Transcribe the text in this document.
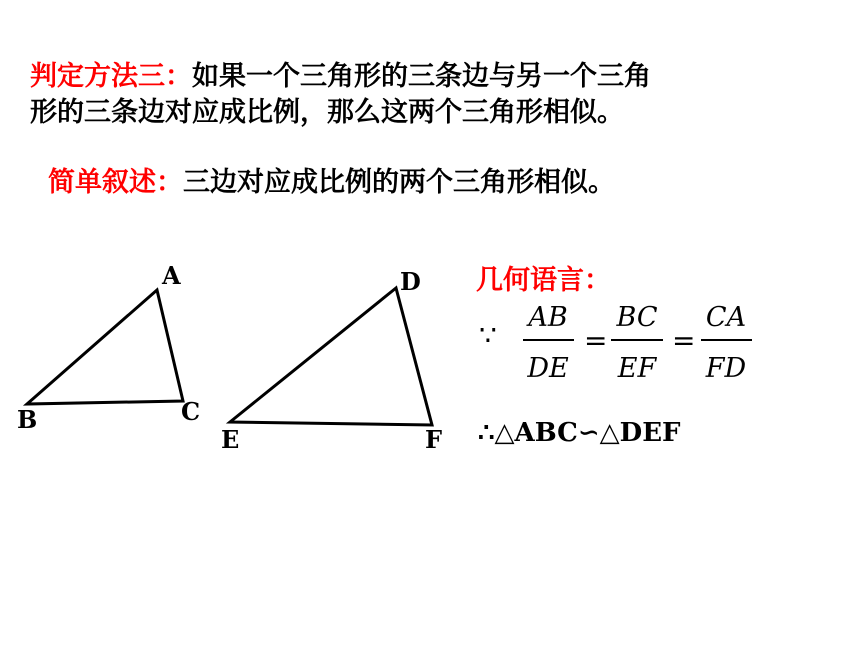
判定方法三：如果一个三角形的三条边与另一个三角
形的三条边对应成比例，那么这两个三角形相似。
简单叙述：三边对应成比例的两个三角形相似。
几何语言：
A
B	C
D
E	F
∵
AB
DE
=
BC
EF
=
CA
FD
∴△ABC∽△DEF
